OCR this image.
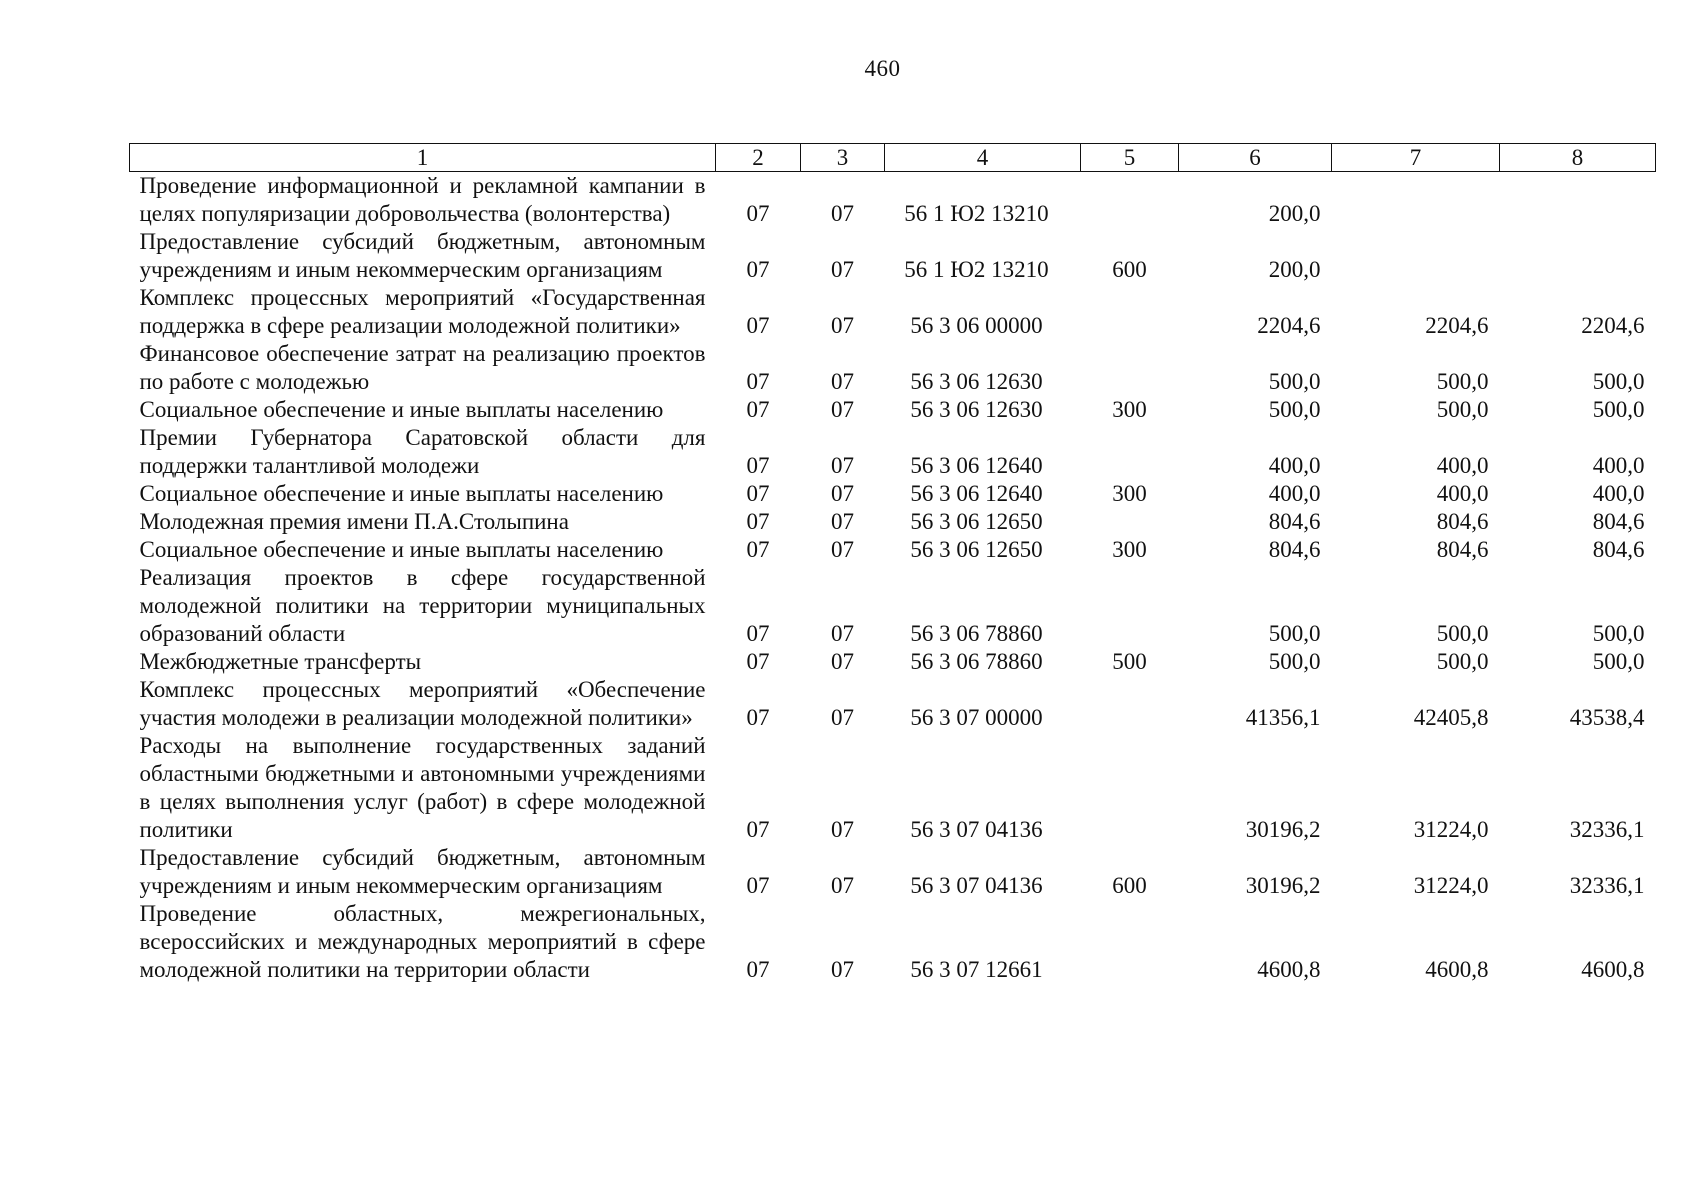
460
1	2	3	4	5	6	7	8
Проведение информационной и рекламной кампании в целях популяризации добровольчества (волонтерства)	07	07	56 1 Ю2 13210		200,0		
Предоставление субсидий бюджетным, автономным учреждениям и иным некоммерческим организациям	07	07	56 1 Ю2 13210	600	200,0		
Комплекс процессных мероприятий «Государственная поддержка в сфере реализации молодежной политики»	07	07	56 3 06 00000		2204,6	2204,6	2204,6
Финансовое обеспечение затрат на реализацию проектов по работе с молодежью	07	07	56 3 06 12630		500,0	500,0	500,0
Социальное обеспечение и иные выплаты населению	07	07	56 3 06 12630	300	500,0	500,0	500,0
Премии Губернатора Саратовской области для поддержки талантливой молодежи	07	07	56 3 06 12640		400,0	400,0	400,0
Социальное обеспечение и иные выплаты населению	07	07	56 3 06 12640	300	400,0	400,0	400,0
Молодежная премия имени П.А.Столыпина	07	07	56 3 06 12650		804,6	804,6	804,6
Социальное обеспечение и иные выплаты населению	07	07	56 3 06 12650	300	804,6	804,6	804,6
Реализация проектов в сфере государственной молодежной политики на территории муниципальных образований области	07	07	56 3 06 78860		500,0	500,0	500,0
Межбюджетные трансферты	07	07	56 3 06 78860	500	500,0	500,0	500,0
Комплекс процессных мероприятий «Обеспечение участия молодежи в реализации молодежной политики»	07	07	56 3 07 00000		41356,1	42405,8	43538,4
Расходы на выполнение государственных заданий областными бюджетными и автономными учреждениями в целях выполнения услуг (работ) в сфере молодежной политики	07	07	56 3 07 04136		30196,2	31224,0	32336,1
Предоставление субсидий бюджетным, автономным учреждениям и иным некоммерческим организациям	07	07	56 3 07 04136	600	30196,2	31224,0	32336,1
Проведение областных, межрегиональных, всероссийских и международных мероприятий в сфере молодежной политики на территории области	07	07	56 3 07 12661		4600,8	4600,8	4600,8
